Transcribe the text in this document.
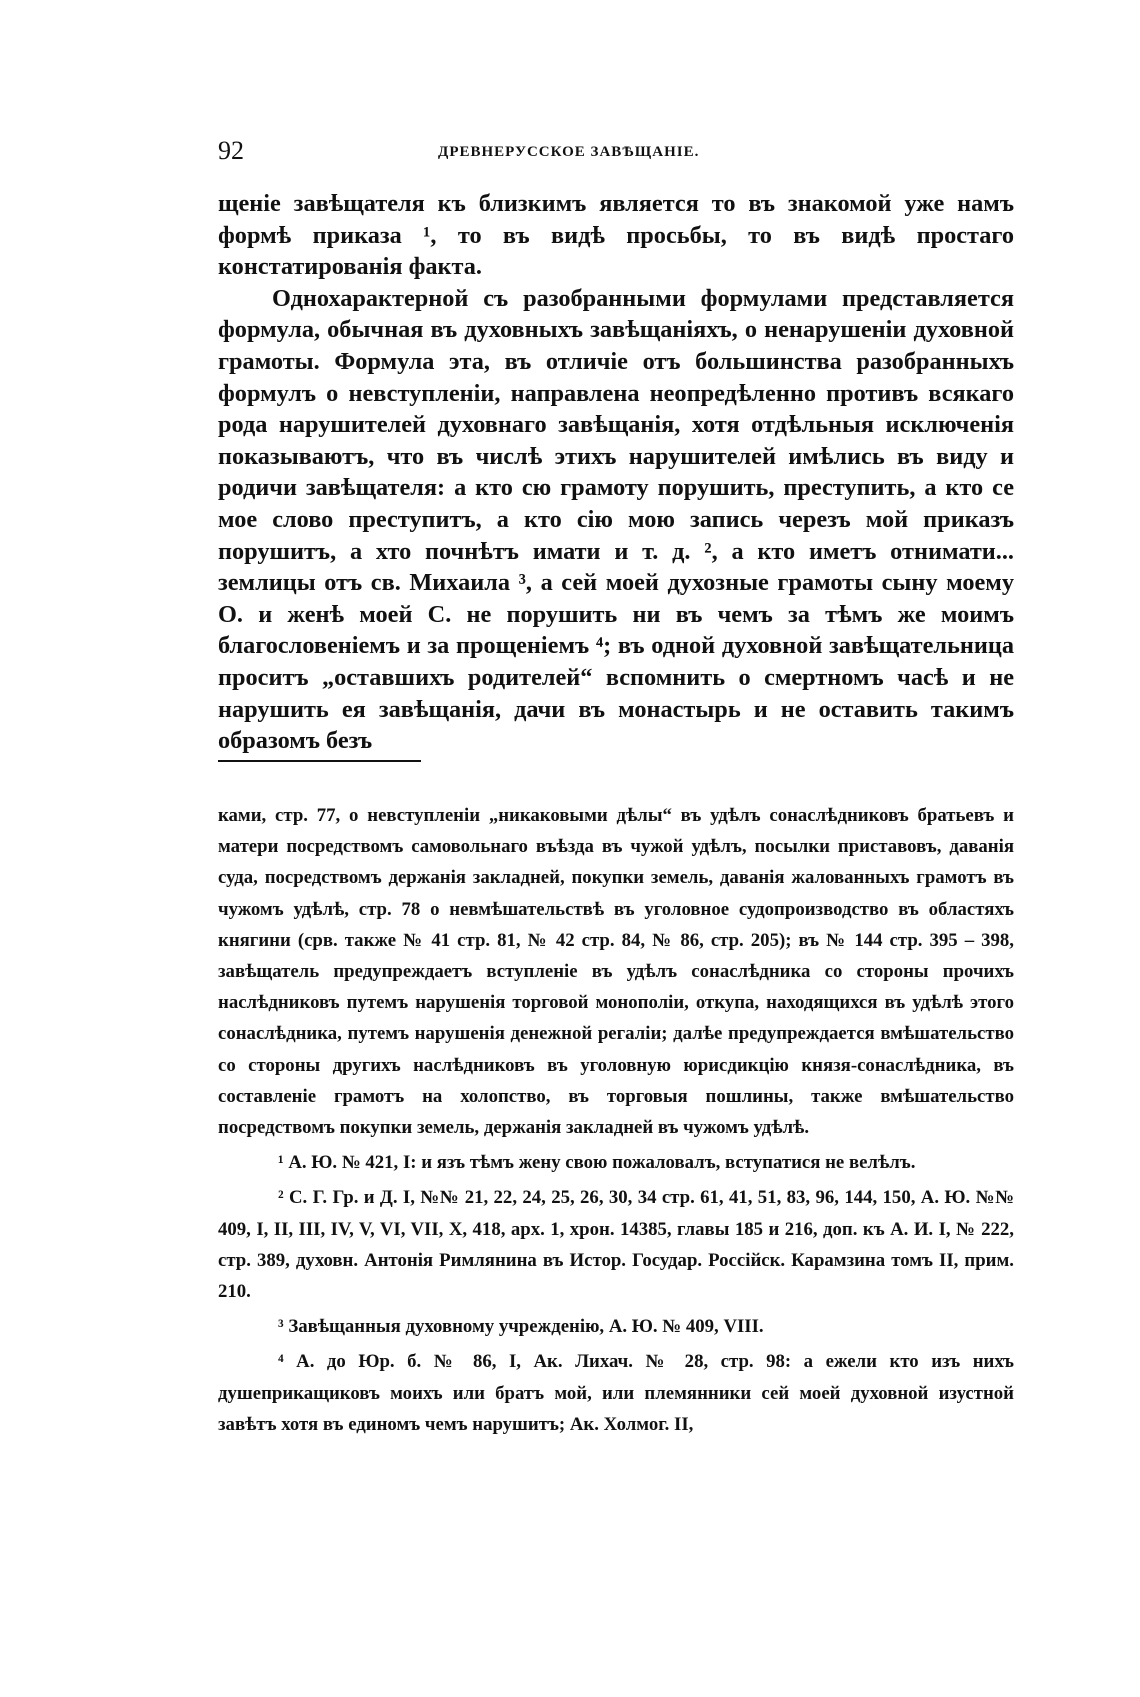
92	ДРЕВНЕРУССКОЕ ЗАВѢЩАНІЕ.

щеніе завѣщателя къ близкимъ является то въ знакомой уже намъ формѣ приказа ¹, то въ видѣ просьбы, то въ видѣ простаго констатированія факта.

Однохарактерной съ разобранными формулами представляется формула, обычная въ духовныхъ завѣщаніяхъ, о ненарушеніи духовной грамоты. Формула эта, въ отличіе отъ большинства разобранныхъ формулъ о невступленіи, направлена неопредѣленно противъ всякаго рода нарушителей духовнаго завѣщанія, хотя отдѣльныя исключенія показываютъ, что въ числѣ этихъ нарушителей имѣлись въ виду и родичи завѣщателя: а кто сю грамоту порушить, преступить, а кто се мое слово преступитъ, а кто сію мою запись черезъ мой приказъ порушитъ, а хто почнѣтъ имати и т. д. ², а кто иметъ отнимати... землицы отъ св. Михаила ³, а сей моей духозные грамоты сыну моему О. и женѣ моей С. не порушить ни въ чемъ за тѣмъ же моимъ благословеніемъ и за прощеніемъ ⁴; въ одной духовной завѣщательница проситъ „оставшихъ родителей“ вспомнить о смертномъ часѣ и не нарушить ея завѣщанія, дачи въ монастырь и не оставить такимъ образомъ безъ

ками, стр. 77, о невступленіи „никаковыми дѣлы“ въ удѣлъ сонаслѣдниковъ братьевъ и матери посредствомъ самовольнаго въѣзда въ чужой удѣлъ, посылки приставовъ, даванія суда, посредствомъ держанія закладней, покупки земель, даванія жалованныхъ грамотъ въ чужомъ удѣлѣ, стр. 78 о невмѣшательствѣ въ уголовное судопроизводство въ областяхъ княгини (срв. также № 41 стр. 81, № 42 стр. 84, № 86, стр. 205); въ № 144 стр. 395 – 398, завѣщатель предупреждаетъ вступленіе въ удѣлъ сонаслѣдника со стороны прочихъ наслѣдниковъ путемъ нарушенія торговой монополіи, откупа, находящихся въ удѣлѣ этого сонаслѣдника, путемъ нарушенія денежной регаліи; далѣе предупреждается вмѣшательство со стороны другихъ наслѣдниковъ въ уголовную юрисдикцію князя-сонаслѣдника, въ составленіе грамотъ на холопство, въ торговыя пошлины, также вмѣшательство посредствомъ покупки земель, держанія закладней въ чужомъ удѣлѣ.

¹ А. Ю. № 421, I: и язъ тѣмъ жену свою пожаловалъ, вступатися не велѣлъ.

² С. Г. Гр. и Д. I, №№ 21, 22, 24, 25, 26, 30, 34 стр. 61, 41, 51, 83, 96, 144, 150, А. Ю. №№ 409, I, II, III, IV, V, VI, VII, X, 418, арх. 1, хрон. 14385, главы 185 и 216, доп. къ А. И. I, № 222, стр. 389, духовн. Антонія Римлянина въ Истор. Государ. Россійск. Карамзина томъ II, прим. 210.

³ Завѣщанныя духовному учрежденію, А. Ю. № 409, VIII.

⁴ А. до Юр. б. № 86, I, Ак. Лихач. № 28, стр. 98: а ежели кто изъ нихъ душеприкащиковъ моихъ или братъ мой, или племянники сей моей духовной изустной завѣтъ хотя въ единомъ чемъ нарушитъ; Ак. Холмог. II,
